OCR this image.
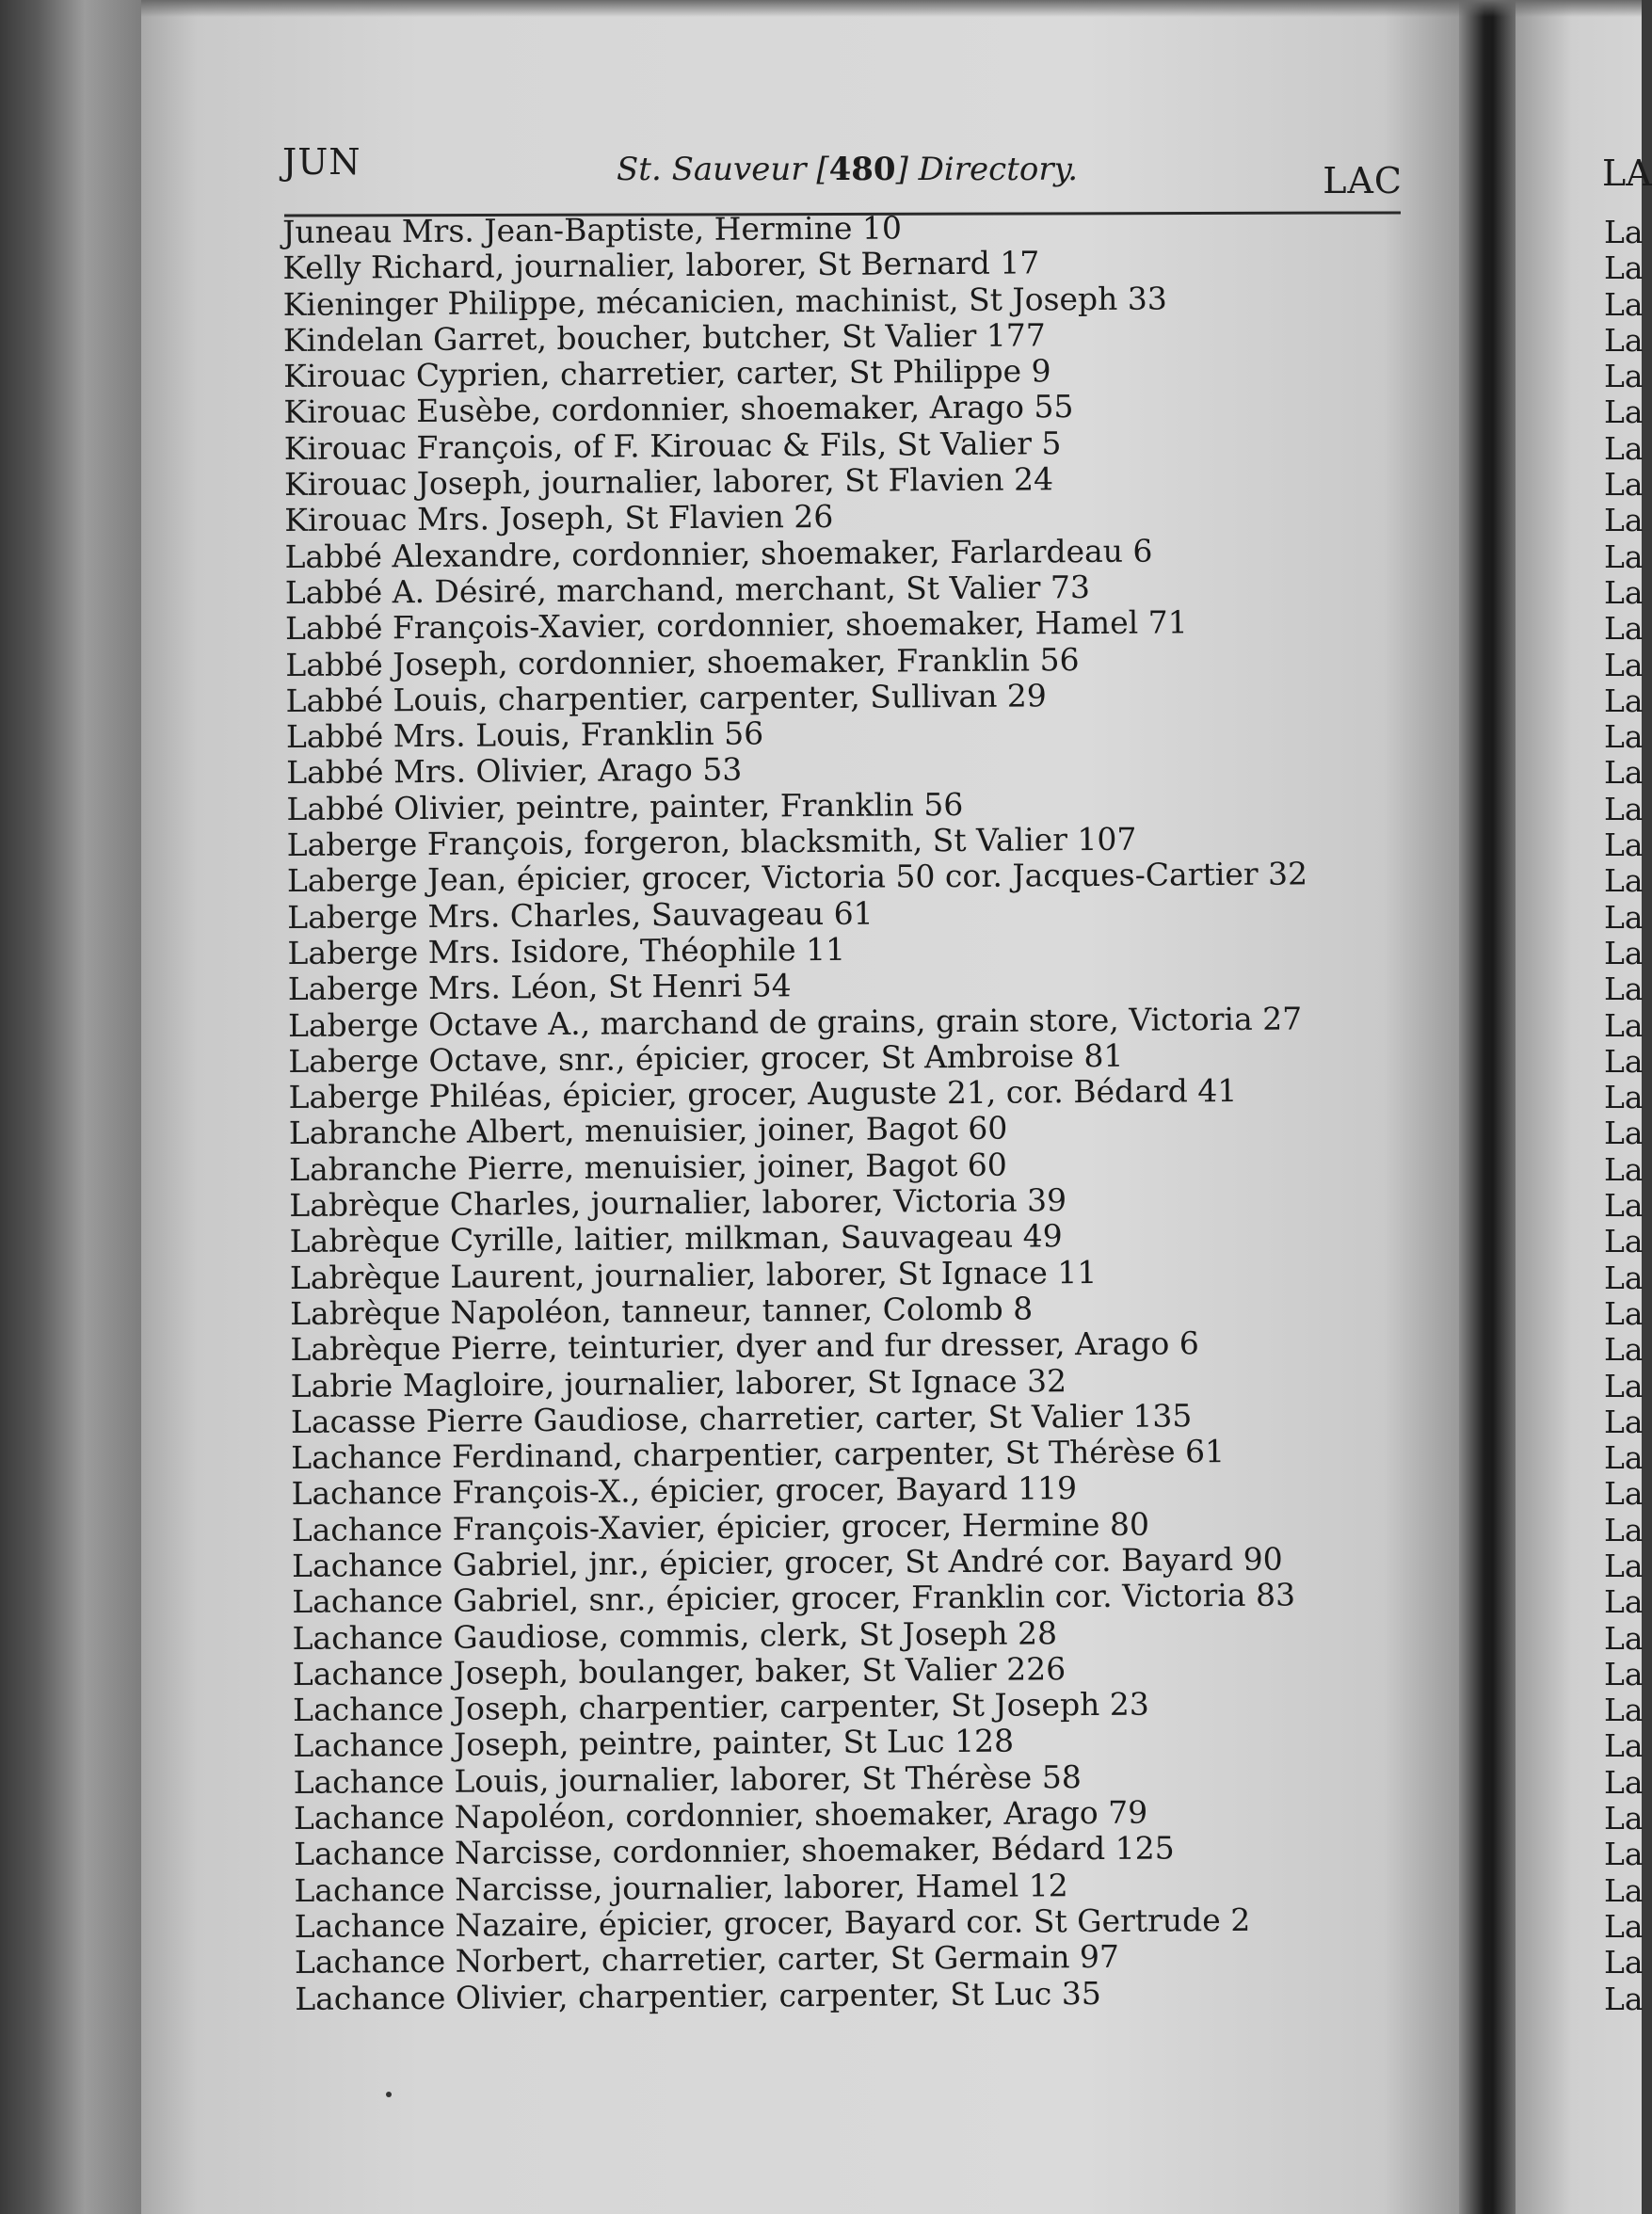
JUN	St. Sauveur [480] Directory.	LAC
Juneau Mrs. Jean-Baptiste, Hermine 10
Kelly Richard, journalier, laborer, St Bernard 17
Kieninger Philippe, mécanicien, machinist, St Joseph 33
Kindelan Garret, boucher, butcher, St Valier 177
Kirouac Cyprien, charretier, carter, St Philippe 9
Kirouac Eusèbe, cordonnier, shoemaker, Arago 55
Kirouac François, of F. Kirouac & Fils, St Valier 5
Kirouac Joseph, journalier, laborer, St Flavien 24
Kirouac Mrs. Joseph, St Flavien 26
Labbé Alexandre, cordonnier, shoemaker, Farlardeau 6
Labbé A. Désiré, marchand, merchant, St Valier 73
Labbé François-Xavier, cordonnier, shoemaker, Hamel 71
Labbé Joseph, cordonnier, shoemaker, Franklin 56
Labbé Louis, charpentier, carpenter, Sullivan 29
Labbé Mrs. Louis, Franklin 56
Labbé Mrs. Olivier, Arago 53
Labbé Olivier, peintre, painter, Franklin 56
Laberge François, forgeron, blacksmith, St Valier 107
Laberge Jean, épicier, grocer, Victoria 50 cor. Jacques-Cartier 32
Laberge Mrs. Charles, Sauvageau 61
Laberge Mrs. Isidore, Théophile 11
Laberge Mrs. Léon, St Henri 54
Laberge Octave A., marchand de grains, grain store, Victoria 27
Laberge Octave, snr., épicier, grocer, St Ambroise 81
Laberge Philéas, épicier, grocer, Auguste 21, cor. Bédard 41
Labranche Albert, menuisier, joiner, Bagot 60
Labranche Pierre, menuisier, joiner, Bagot 60
Labrèque Charles, journalier, laborer, Victoria 39
Labrèque Cyrille, laitier, milkman, Sauvageau 49
Labrèque Laurent, journalier, laborer, St Ignace 11
Labrèque Napoléon, tanneur, tanner, Colomb 8
Labrèque Pierre, teinturier, dyer and fur dresser, Arago 6
Labrie Magloire, journalier, laborer, St Ignace 32
Lacasse Pierre Gaudiose, charretier, carter, St Valier 135
Lachance Ferdinand, charpentier, carpenter, St Thérèse 61
Lachance François-X., épicier, grocer, Bayard 119
Lachance François-Xavier, épicier, grocer, Hermine 80
Lachance Gabriel, jnr., épicier, grocer, St André cor. Bayard 90
Lachance Gabriel, snr., épicier, grocer, Franklin cor. Victoria 83
Lachance Gaudiose, commis, clerk, St Joseph 28
Lachance Joseph, boulanger, baker, St Valier 226
Lachance Joseph, charpentier, carpenter, St Joseph 23
Lachance Joseph, peintre, painter, St Luc 128
Lachance Louis, journalier, laborer, St Thérèse 58
Lachance Napoléon, cordonnier, shoemaker, Arago 79
Lachance Narcisse, cordonnier, shoemaker, Bédard 125
Lachance Narcisse, journalier, laborer, Hamel 12
Lachance Nazaire, épicier, grocer, Bayard cor. St Gertrude 2
Lachance Norbert, charretier, carter, St Germain 97
Lachance Olivier, charpentier, carpenter, St Luc 35
LA
La
La
La
La
La
La
La
La
La
La
La
La
La
La
La
La
La
La
La
La
La
La
La
La
La
La
La
La
La
La
La
La
La
La
La
La
La
La
La
La
La
La
La
La
La
La
La
La
La
La
